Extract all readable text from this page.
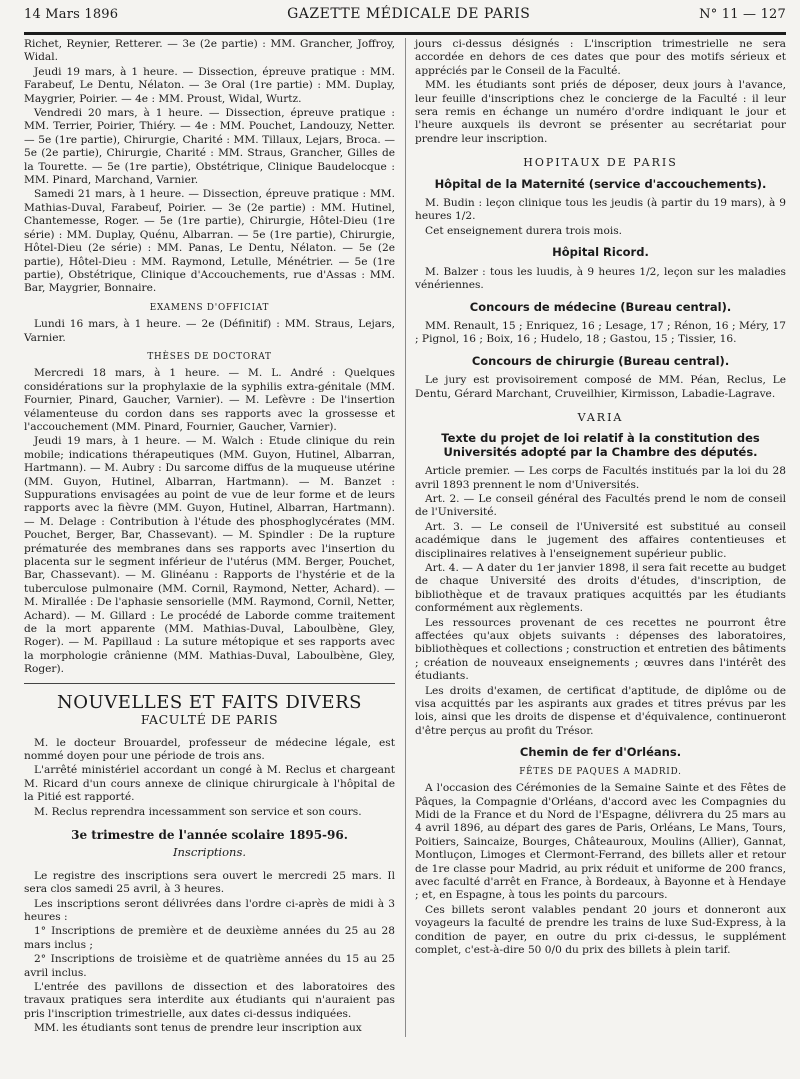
14 Mars 1896	GAZETTE MÉDICALE DE PARIS	N° 11 — 127

Richet, Reynier, Retterer. — 3e (2e partie) : MM. Grancher, Joffroy, Widal.

Jeudi 19 mars, à 1 heure. — Dissection, épreuve pratique : MM. Farabeuf, Le Dentu, Nélaton. — 3e Oral (1re partie) : MM. Duplay, Maygrier, Poirier. — 4e : MM. Proust, Widal, Wurtz.

Vendredi 20 mars, à 1 heure. — Dissection, épreuve pratique : MM. Terrier, Poirier, Thiéry. — 4e : MM. Pouchet, Landouzy, Netter. — 5e (1re partie), Chirurgie, Charité : MM. Tillaux, Lejars, Broca. — 5e (2e partie), Chirurgie, Charité : MM. Straus, Grancher, Gilles de la Tourette. — 5e (1re partie), Obstétrique, Clinique Baudelocque : MM. Pinard, Marchand, Varnier.

Samedi 21 mars, à 1 heure. — Dissection, épreuve pratique : MM. Mathias-Duval, Farabeuf, Poirier. — 3e (2e partie) : MM. Hutinel, Chantemesse, Roger. — 5e (1re partie), Chirurgie, Hôtel-Dieu (1re série) : MM. Duplay, Quénu, Albarran. — 5e (1re partie), Chirurgie, Hôtel-Dieu (2e série) : MM. Panas, Le Dentu, Nélaton. — 5e (2e partie), Hôtel-Dieu : MM. Raymond, Letulle, Ménétrier. — 5e (1re partie), Obstétrique, Clinique d'Accouchements, rue d'Assas : MM. Bar, Maygrier, Bonnaire.

EXAMENS D'OFFICIAT

Lundi 16 mars, à 1 heure. — 2e (Définitif) : MM. Straus, Lejars, Varnier.

THÈSES DE DOCTORAT

Mercredi 18 mars, à 1 heure. — M. L. André : Quelques considérations sur la prophylaxie de la syphilis extra-génitale (MM. Fournier, Pinard, Gaucher, Varnier). — M. Lefèvre : De l'insertion vélamenteuse du cordon dans ses rapports avec la grossesse et l'accouchement (MM. Pinard, Fournier, Gaucher, Varnier).

Jeudi 19 mars, à 1 heure. — M. Walch : Etude clinique du rein mobile; indications thérapeutiques (MM. Guyon, Hutinel, Albarran, Hartmann). — M. Aubry : Du sarcome diffus de la muqueuse utérine (MM. Guyon, Hutinel, Albarran, Hartmann). — M. Banzet : Suppurations envisagées au point de vue de leur forme et de leurs rapports avec la fièvre (MM. Guyon, Hutinel, Albarran, Hartmann). — M. Delage : Contribution à l'étude des phosphoglycérates (MM. Pouchet, Berger, Bar, Chassevant). — M. Spindler : De la rupture prématurée des membranes dans ses rapports avec l'insertion du placenta sur le segment inférieur de l'utérus (MM. Berger, Pouchet, Bar, Chassevant). — M. Glinéanu : Rapports de l'hystérie et de la tuberculose pulmonaire (MM. Cornil, Raymond, Netter, Achard). — M. Mirallée : De l'aphasie sensorielle (MM. Raymond, Cornil, Netter, Achard). — M. Gillard : Le procédé de Laborde comme traitement de la mort apparente (MM. Mathias-Duval, Laboulbène, Gley, Roger). — M. Papillaud : La suture métopique et ses rapports avec la morphologie crânienne (MM. Mathias-Duval, Laboulbène, Gley, Roger).

NOUVELLES ET FAITS DIVERS
FACULTÉ DE PARIS

M. le docteur Brouardel, professeur de médecine légale, est nommé doyen pour une période de trois ans.

L'arrêté ministériel accordant un congé à M. Reclus et chargeant M. Ricard d'un cours annexe de clinique chirurgicale à l'hôpital de la Pitié est rapporté.

M. Reclus reprendra incessamment son service et son cours.

3e trimestre de l'année scolaire 1895-96.
Inscriptions.

Le registre des inscriptions sera ouvert le mercredi 25 mars. Il sera clos samedi 25 avril, à 3 heures.

Les inscriptions seront délivrées dans l'ordre ci-après de midi à 3 heures :

1° Inscriptions de première et de deuxième années du 25 au 28 mars inclus ;

2° Inscriptions de troisième et de quatrième années du 15 au 25 avril inclus.

L'entrée des pavillons de dissection et des laboratoires des travaux pratiques sera interdite aux étudiants qui n'auraient pas pris l'inscription trimestrielle, aux dates ci-dessus indiquées.

MM. les étudiants sont tenus de prendre leur inscription aux

jours ci-dessus désignés : L'inscription trimestrielle ne sera accordée en dehors de ces dates que pour des motifs sérieux et appréciés par le Conseil de la Faculté.

MM. les étudiants sont priés de déposer, deux jours à l'avance, leur feuille d'inscriptions chez le concierge de la Faculté : il leur sera remis en échange un numéro d'ordre indiquant le jour et l'heure auxquels ils devront se présenter au secrétariat pour prendre leur inscription.

HOPITAUX DE PARIS
Hôpital de la Maternité (service d'accouchements).

M. Budin : leçon clinique tous les jeudis (à partir du 19 mars), à 9 heures 1/2.

Cet enseignement durera trois mois.

Hôpital Ricord.

M. Balzer : tous les luudis, à 9 heures 1/2, leçon sur les maladies vénériennes.

Concours de médecine (Bureau central).

MM. Renault, 15 ; Enriquez, 16 ; Lesage, 17 ; Rénon, 16 ; Méry, 17 ; Pignol, 16 ; Boix, 16 ; Hudelo, 18 ; Gastou, 15 ; Tissier, 16.

Concours de chirurgie (Bureau central).

Le jury est provisoirement composé de MM. Péan, Reclus, Le Dentu, Gérard Marchant, Cruveilhier, Kirmisson, Labadie-Lagrave.

VARIA
Texte du projet de loi relatif à la constitution des Universités adopté par la Chambre des députés.

Article premier. — Les corps de Facultés institués par la loi du 28 avril 1893 prennent le nom d'Universités.

Art. 2. — Le conseil général des Facultés prend le nom de conseil de l'Université.

Art. 3. — Le conseil de l'Université est substitué au conseil académique dans le jugement des affaires contentieuses et disciplinaires relatives à l'enseignement supérieur public.

Art. 4. — A dater du 1er janvier 1898, il sera fait recette au budget de chaque Université des droits d'études, d'inscription, de bibliothèque et de travaux pratiques acquittés par les étudiants conformément aux règlements.

Les ressources provenant de ces recettes ne pourront être affectées qu'aux objets suivants : dépenses des laboratoires, bibliothèques et collections ; construction et entretien des bâtiments ; création de nouveaux enseignements ; œuvres dans l'intérêt des étudiants.

Les droits d'examen, de certificat d'aptitude, de diplôme ou de visa acquittés par les aspirants aux grades et titres prévus par les lois, ainsi que les droits de dispense et d'équivalence, continueront d'être perçus au profit du Trésor.

Chemin de fer d'Orléans.
FÊTES DE PAQUES A MADRID.

A l'occasion des Cérémonies de la Semaine Sainte et des Fêtes de Pâques, la Compagnie d'Orléans, d'accord avec les Compagnies du Midi de la France et du Nord de l'Espagne, délivrera du 25 mars au 4 avril 1896, au départ des gares de Paris, Orléans, Le Mans, Tours, Poitiers, Saincaize, Bourges, Châteauroux, Moulins (Allier), Gannat, Montluçon, Limoges et Clermont-Ferrand, des billets aller et retour de 1re classe pour Madrid, au prix réduit et uniforme de 200 francs, avec faculté d'arrêt en France, à Bordeaux, à Bayonne et à Hendaye ; et, en Espagne, à tous les points du parcours.

Ces billets seront valables pendant 20 jours et donneront aux voyageurs la faculté de prendre les trains de luxe Sud-Express, à la condition de payer, en outre du prix ci-dessus, le supplément complet, c'est-à-dire 50 0/0 du prix des billets à plein tarif.
